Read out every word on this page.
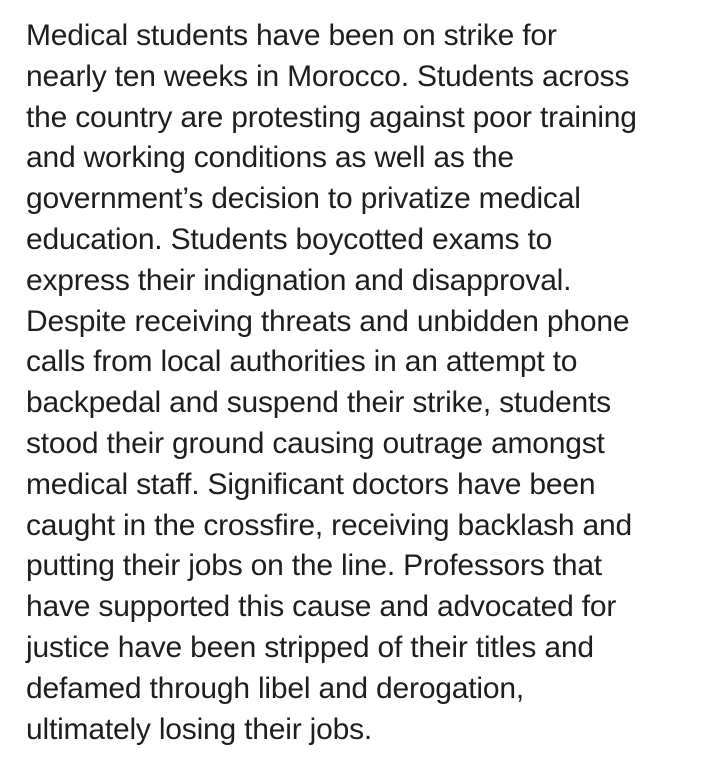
Medical students have been on strike for
nearly ten weeks in Morocco. Students across
the country are protesting against poor training
and working conditions as well as the
government’s decision to privatize medical
education. Students boycotted exams to
express their indignation and disapproval.
Despite receiving threats and unbidden phone
calls from local authorities in an attempt to
backpedal and suspend their strike, students
stood their ground causing outrage amongst
medical staff. Significant doctors have been
caught in the crossfire, receiving backlash and
putting their jobs on the line. Professors that
have supported this cause and advocated for
justice have been stripped of their titles and
defamed through libel and derogation,
ultimately losing their jobs.
